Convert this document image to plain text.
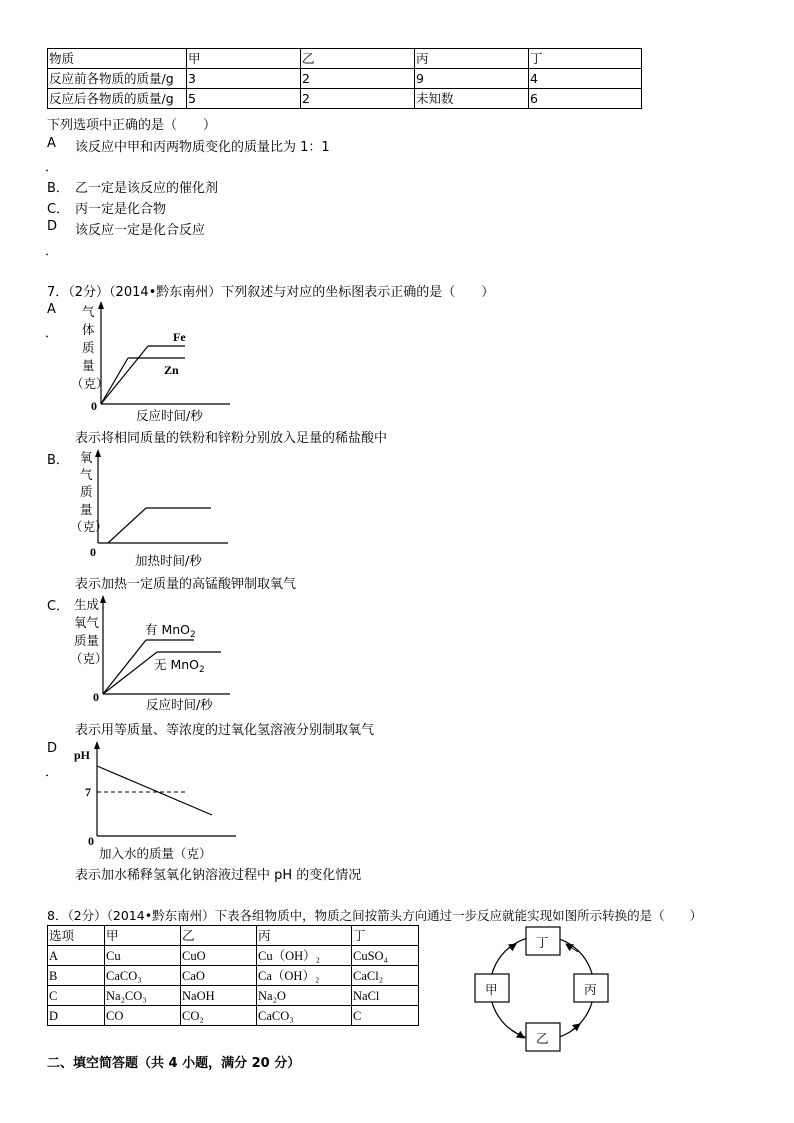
物质	甲	乙	丙	丁
反应前各物质的质量/g	3	2	9	4
反应后各物质的质量/g	5	2	未知数	6
下列选项中正确的是（　　）
A 该反应中甲和丙两物质变化的质量比为 1：1
．
B． 乙一定是该反应的催化剂
C． 丙一定是化合物
D 该反应一定是化合反应
．
7．（2分）（2014•黔东南州）下列叙述与对应的坐标图表示正确的是（　　）
A
．
气
体
质
量
（克）
0
反应时间/秒
Fe
Zn
表示将相同质量的铁粉和锌粉分别放入足量的稀盐酸中
B． 氧
气
质
量
（克）
0
加热时间/秒
表示加热一定质量的高锰酸钾制取氧气
C． 生成
氧气
质量
（克）
0	反应时间/秒
有 MnO$_2$
无 MnO$_2$
表示用等质量、等浓度的过氧化氢溶液分别制取氧气
D
．
pH
7
0
加入水的质量（克）
表示加水稀释氢氧化钠溶液过程中 pH 的变化情况
8．（2分）（2014•黔东南州）下表各组物质中，物质之间按箭头方向通过一步反应就能实现如图所示转换的是（　　）
选项	甲	乙	丙	丁
A	Cu	CuO	Cu（OH）₂	CuSO₄
B	CaCO₃	CaO	Ca（OH）₂	CaCl₂
C	Na₂CO₃	NaOH	Na₂O	NaCl
D	CO	CO₂	CaCO₃	C
丁
甲	丙
乙
二、填空简答题（共 4 小题，满分 20 分）
